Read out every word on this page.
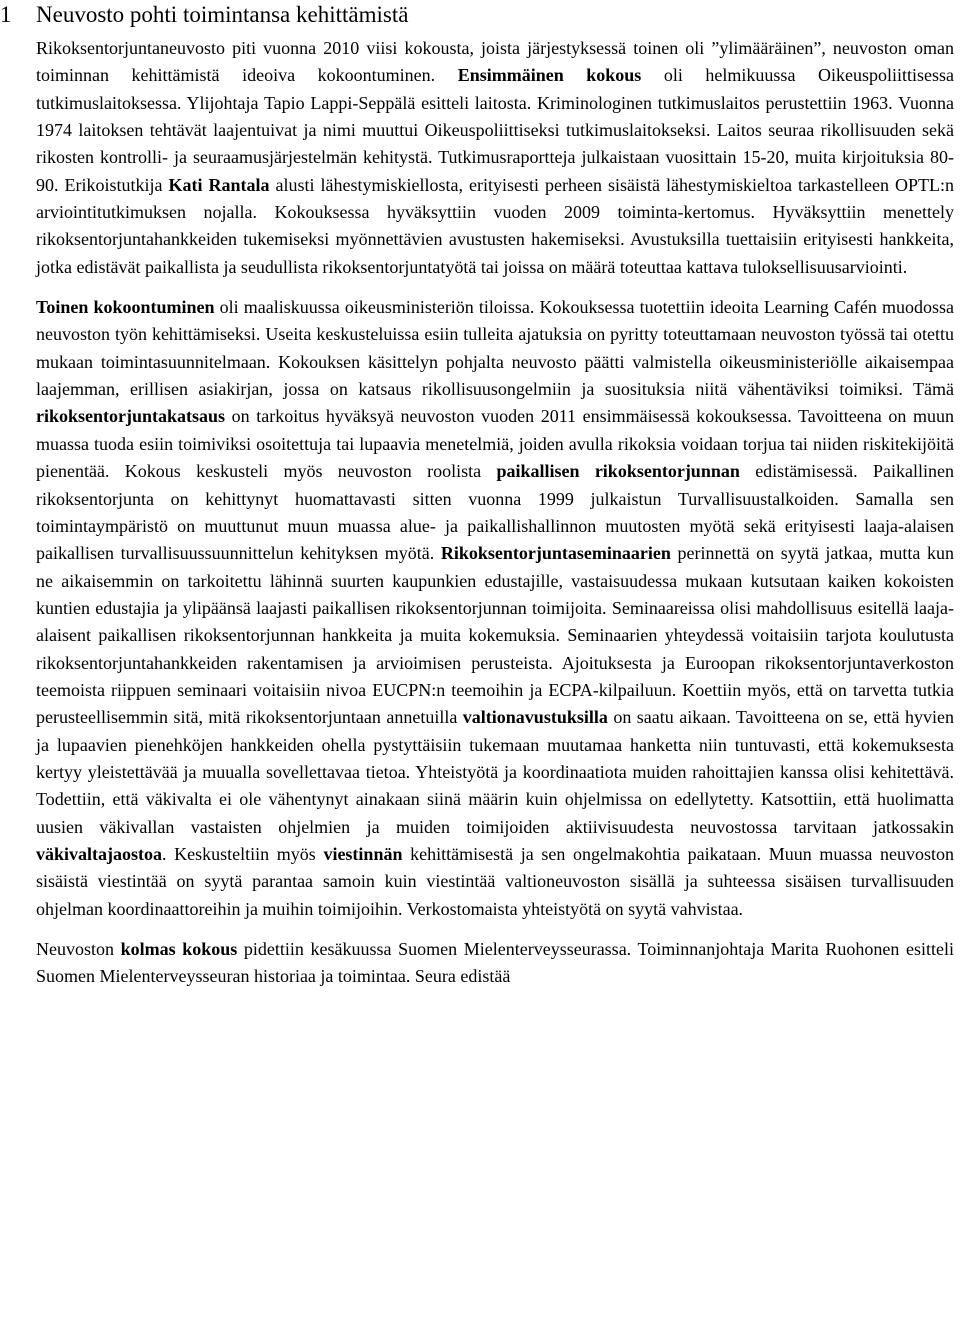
1 Neuvosto pohti toimintansa kehittämistä

Rikoksentorjuntaneuvosto piti vuonna 2010 viisi kokousta, joista järjestyksessä toinen oli ”ylimääräinen”, neuvoston oman toiminnan kehittämistä ideoiva kokoontuminen. Ensimmäinen kokous oli helmikuussa Oikeuspoliittisessa tutkimuslaitoksessa. Ylijohtaja Tapio Lappi-Seppälä esitteli laitosta. Kriminologinen tutkimuslaitos perustettiin 1963. Vuonna 1974 laitoksen tehtävät laajentuivat ja nimi muuttui Oikeuspoliittiseksi tutkimuslaitokseksi. Laitos seuraa rikollisuuden sekä rikosten kontrolli- ja seuraamusjärjestelmän kehitystä. Tutkimusraportteja julkaistaan vuosittain 15-20, muita kirjoituksia 80-90. Erikoistutkija Kati Rantala alusti lähestymiskiellosta, erityisesti perheen sisäistä lähestymiskieltoa tarkastelleen OPTL:n arviointitutkimuksen nojalla. Kokouksessa hyväksyttiin vuoden 2009 toiminta-kertomus. Hyväksyttiin menettely rikoksentorjuntahankkeiden tukemiseksi myönnettävien avustusten hakemiseksi. Avustuksilla tuettaisiin erityisesti hankkeita, jotka edistävät paikallista ja seudullista rikoksentorjuntatyötä tai joissa on määrä toteuttaa kattava tuloksellisuusarviointi.

Toinen kokoontuminen oli maaliskuussa oikeusministeriön tiloissa. Kokouksessa tuotettiin ideoita Learning Cafén muodossa neuvoston työn kehittämiseksi. Useita keskusteluissa esiin tulleita ajatuksia on pyritty toteuttamaan neuvoston työssä tai otettu mukaan toimintasuunnitelmaan. Kokouksen käsittelyn pohjalta neuvosto päätti valmistella oikeusministeriölle aikaisempaa laajemman, erillisen asiakirjan, jossa on katsaus rikollisuusongelmiin ja suosituksia niitä vähentäviksi toimiksi. Tämä rikoksentorjuntakatsaus on tarkoitus hyväksyä neuvoston vuoden 2011 ensimmäisessä kokouksessa. Tavoitteena on muun muassa tuoda esiin toimiviksi osoitettuja tai lupaavia menetelmiä, joiden avulla rikoksia voidaan torjua tai niiden riskitekijöitä pienentää. Kokous keskusteli myös neuvoston roolista paikallisen rikoksentorjunnan edistämisessä. Paikallinen rikoksentorjunta on kehittynyt huomattavasti sitten vuonna 1999 julkaistun Turvallisuustalkoiden. Samalla sen toimintaympäristö on muuttunut muun muassa alue- ja paikallishallinnon muutosten myötä sekä erityisesti laaja-alaisen paikallisen turvallisuussuunnittelun kehityksen myötä. Rikoksentorjuntaseminaarien perinnettä on syytä jatkaa, mutta kun ne aikaisemmin on tarkoitettu lähinnä suurten kaupunkien edustajille, vastaisuudessa mukaan kutsutaan kaiken kokoisten kuntien edustajia ja ylipäänsä laajasti paikallisen rikoksentorjunnan toimijoita. Seminaareissa olisi mahdollisuus esitellä laaja-alaisent paikallisen rikoksentorjunnan hankkeita ja muita kokemuksia. Seminaarien yhteydessä voitaisiin tarjota koulutusta rikoksentorjuntahankkeiden rakentamisen ja arvioimisen perusteista. Ajoituksesta ja Euroopan rikoksentorjuntaverkoston teemoista riippuen seminaari voitaisiin nivoa EUCPN:n teemoihin ja ECPA-kilpailuun. Koettiin myös, että on tarvetta tutkia perusteellisemmin sitä, mitä rikoksentorjuntaan annetuilla valtionavustuksilla on saatu aikaan. Tavoitteena on se, että hyvien ja lupaavien pienehköjen hankkeiden ohella pystyttäisiin tukemaan muutamaa hanketta niin tuntuvasti, että kokemuksesta kertyy yleistettävää ja muualla sovellettavaa tietoa. Yhteistyötä ja koordinaatiota muiden rahoittajien kanssa olisi kehitettävä. Todettiin, että väkivalta ei ole vähentynyt ainakaan siinä määrin kuin ohjelmissa on edellytetty. Katsottiin, että huolimatta uusien väkivallan vastaisten ohjelmien ja muiden toimijoiden aktiivisuudesta neuvostossa tarvitaan jatkossakin väkivaltajaostoa. Keskusteltiin myös viestinnän kehittämisestä ja sen ongelmakohtia paikataan. Muun muassa neuvoston sisäistä viestintää on syytä parantaa samoin kuin viestintää valtioneuvoston sisällä ja suhteessa sisäisen turvallisuuden ohjelman koordinaattoreihin ja muihin toimijoihin. Verkostomaista yhteistyötä on syytä vahvistaa.

Neuvoston kolmas kokous pidettiin kesäkuussa Suomen Mielenterveysseurassa. Toiminnanjohtaja Marita Ruohonen esitteli Suomen Mielenterveysseuran historiaa ja toimintaa. Seura edistää
